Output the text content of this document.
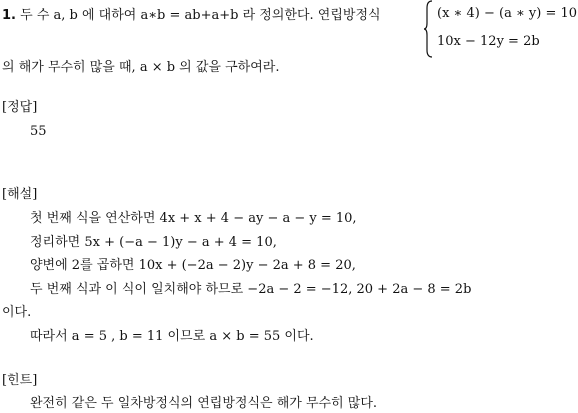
1. 두 수 a, b 에 대하여 a∗b = ab+a+b 라 정의한다. 연립방정식	(x ∗ 4) − (a ∗ y) = 10
10x − 12y = 2b
의 해가 무수히 많을 때, a × b 의 값을 구하여라.
[정답]
55
[해설]
첫 번째 식을 연산하면 4x + x + 4 − ay − a − y = 10,
정리하면 5x + (−a − 1)y − a + 4 = 10,
양변에 2를 곱하면 10x + (−2a − 2)y − 2a + 8 = 20,
두 번째 식과 이 식이 일치해야 하므로 −2a − 2 = −12, 20 + 2a − 8 = 2b
이다.
따라서 a = 5 , b = 11 이므로 a × b = 55 이다.
[힌트]
완전히 같은 두 일차방정식의 연립방정식은 해가 무수히 많다.
